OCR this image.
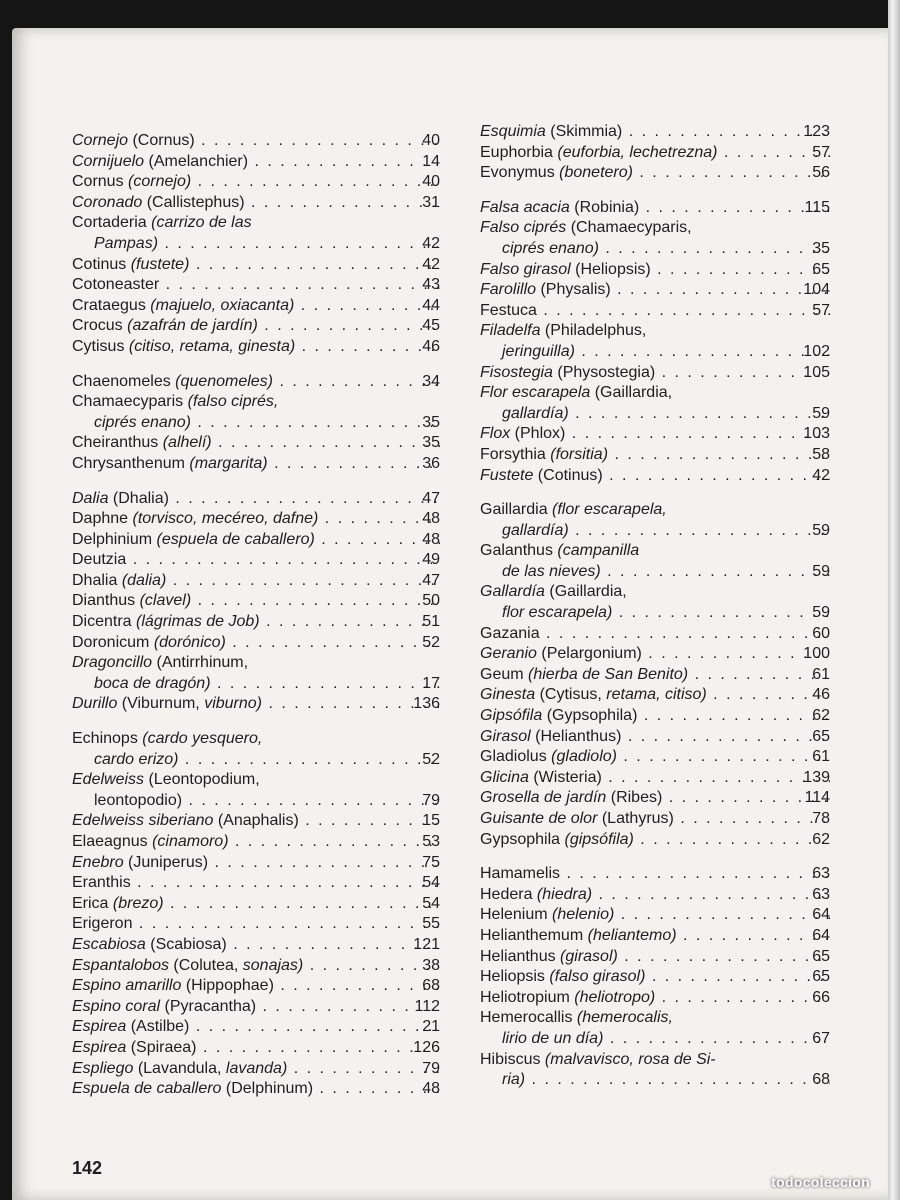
Cornejo (Cornus) . . .	40
Cornijuelo (Amelanchier) . . .	14
Cornus (cornejo) . . .	40
Coronado (Callistephus) . . .	31
Cortaderia (carrizo de las
Pampas) . . .	42
Cotinus (fustete) . . .	42
Cotoneaster . . .	43
Crataegus (majuelo, oxiacanta) . . .	44
Crocus (azafrán de jardín) . . .	45
Cytisus (citiso, retama, ginesta) . . .	46
Chaenomeles (quenomeles) . . .	34
Chamaecyparis (falso ciprés,
ciprés enano) . . .	35
Cheiranthus (alhelí) . . .	35
Chrysanthenum (margarita) . . .	36
Dalia (Dhalia) . . .	47
Daphne (torvisco, mecéreo, dafne) . . .	48
Delphinium (espuela de caballero) . . .	48
Deutzia . . .	49
Dhalia (dalia) . . .	47
Dianthus (clavel) . . .	50
Dicentra (lágrimas de Job) . . .	51
Doronicum (dorónico) . . .	52
Dragoncillo (Antirrhinum,
boca de dragón) . . .	17
Durillo (Viburnum, viburno) . . .	136
Echinops (cardo yesquero,
cardo erizo) . . .	52
Edelweiss (Leontopodium,
leontopodio) . . .	79
Edelweiss siberiano (Anaphalis) . . .	15
Elaeagnus (cinamoro) . . .	53
Enebro (Juniperus) . . .	75
Eranthis . . .	54
Erica (brezo) . . .	54
Erigeron . . .	55
Escabiosa (Scabiosa) . . .	121
Espantalobos (Colutea, sonajas) . . .	38
Espino amarillo (Hippophae) . . .	68
Espino coral (Pyracantha) . . .	112
Espirea (Astilbe) . . .	21
Espirea (Spiraea) . . .	126
Espliego (Lavandula, lavanda) . . .	79
Espuela de caballero (Delphinum) . . .	48
Esquimia (Skimmia) . . .	123
Euphorbia (euforbia, lechetrezna) . . .	57
Evonymus (bonetero) . . .	56
Falsa acacia (Robinia) . . .	115
Falso ciprés (Chamaecyparis,
ciprés enano) . . .	35
Falso girasol (Heliopsis) . . .	65
Farolillo (Physalis) . . .	104
Festuca . . .	57
Filadelfa (Philadelphus,
jeringuilla) . . .	102
Fisostegia (Physostegia) . . .	105
Flor escarapela (Gaillardia,
gallardía) . . .	59
Flox (Phlox) . . .	103
Forsythia (forsitia) . . .	58
Fustete (Cotinus) . . .	42
Gaillardia (flor escarapela,
gallardía) . . .	59
Galanthus (campanilla
de las nieves) . . .	59
Gallardía (Gaillardia,
flor escarapela) . . .	59
Gazania . . .	60
Geranio (Pelargonium) . . .	100
Geum (hierba de San Benito) . . .	61
Ginesta (Cytisus, retama, citiso) . . .	46
Gipsófila (Gypsophila) . . .	62
Girasol (Helianthus) . . .	65
Gladiolus (gladiolo) . . .	61
Glicina (Wisteria) . . .	139
Grosella de jardín (Ribes) . . .	114
Guisante de olor (Lathyrus) . . .	78
Gypsophila (gipsófila) . . .	62
Hamamelis . . .	63
Hedera (hiedra) . . .	63
Helenium (helenio) . . .	64
Helianthemum (heliantemo) . . .	64
Helianthus (girasol) . . .	65
Heliopsis (falso girasol) . . .	65
Heliotropium (heliotropo) . . .	66
Hemerocallis (hemerocalis,
lirio de un día) . . .	67
Hibiscus (malvavisco, rosa de Si-
ria) . . .	68
142
todocoleccion
